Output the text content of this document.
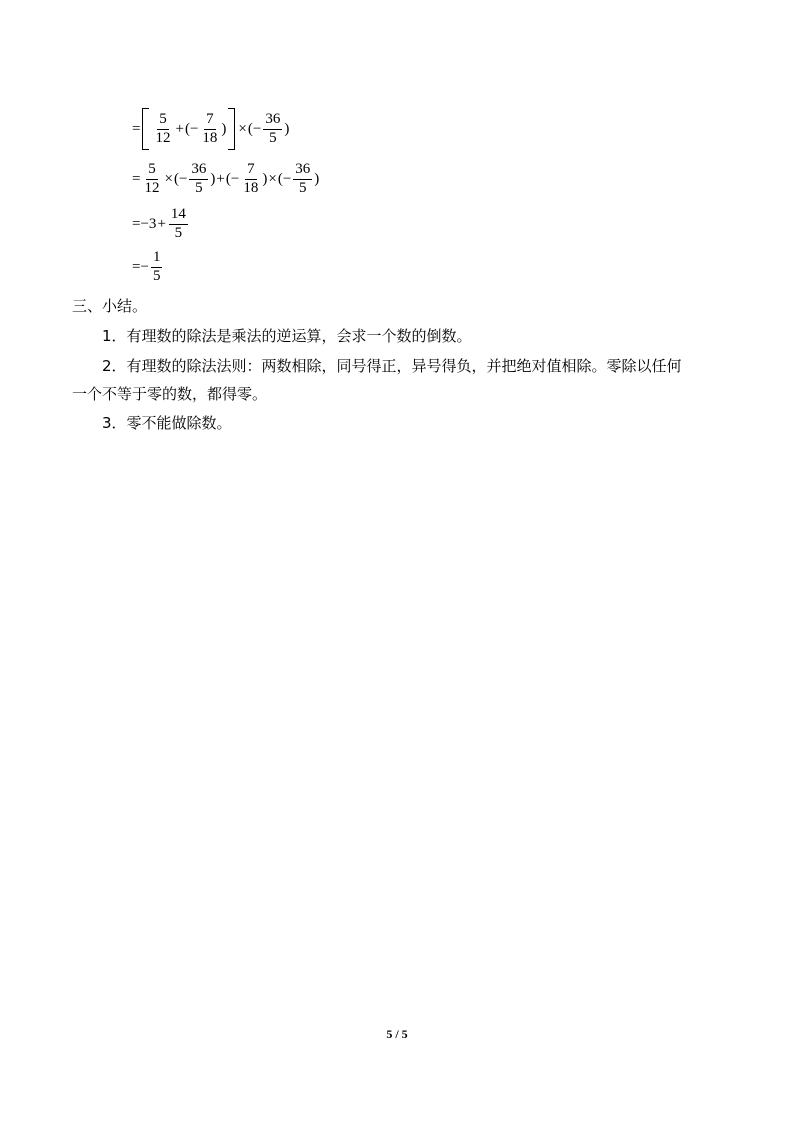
= $\frac{5}{12}$ + ( − $\frac{7}{18}$ ) × ( − $\frac{36}{5}$ )
= $\frac{5}{12}$ × ( − $\frac{36}{5}$ ) + ( − $\frac{7}{18}$ ) × ( − $\frac{36}{5}$ )
= $-3 + \frac{14}{5}$
= − $\frac{1}{5}$
三、小结。
1．有理数的除法是乘法的逆运算，会求一个数的倒数。
2．有理数的除法法则：两数相除，同号得正，异号得负，并把绝对值相除。零除以任何
一个不等于零的数，都得零。
3．零不能做除数。
5 / 5
